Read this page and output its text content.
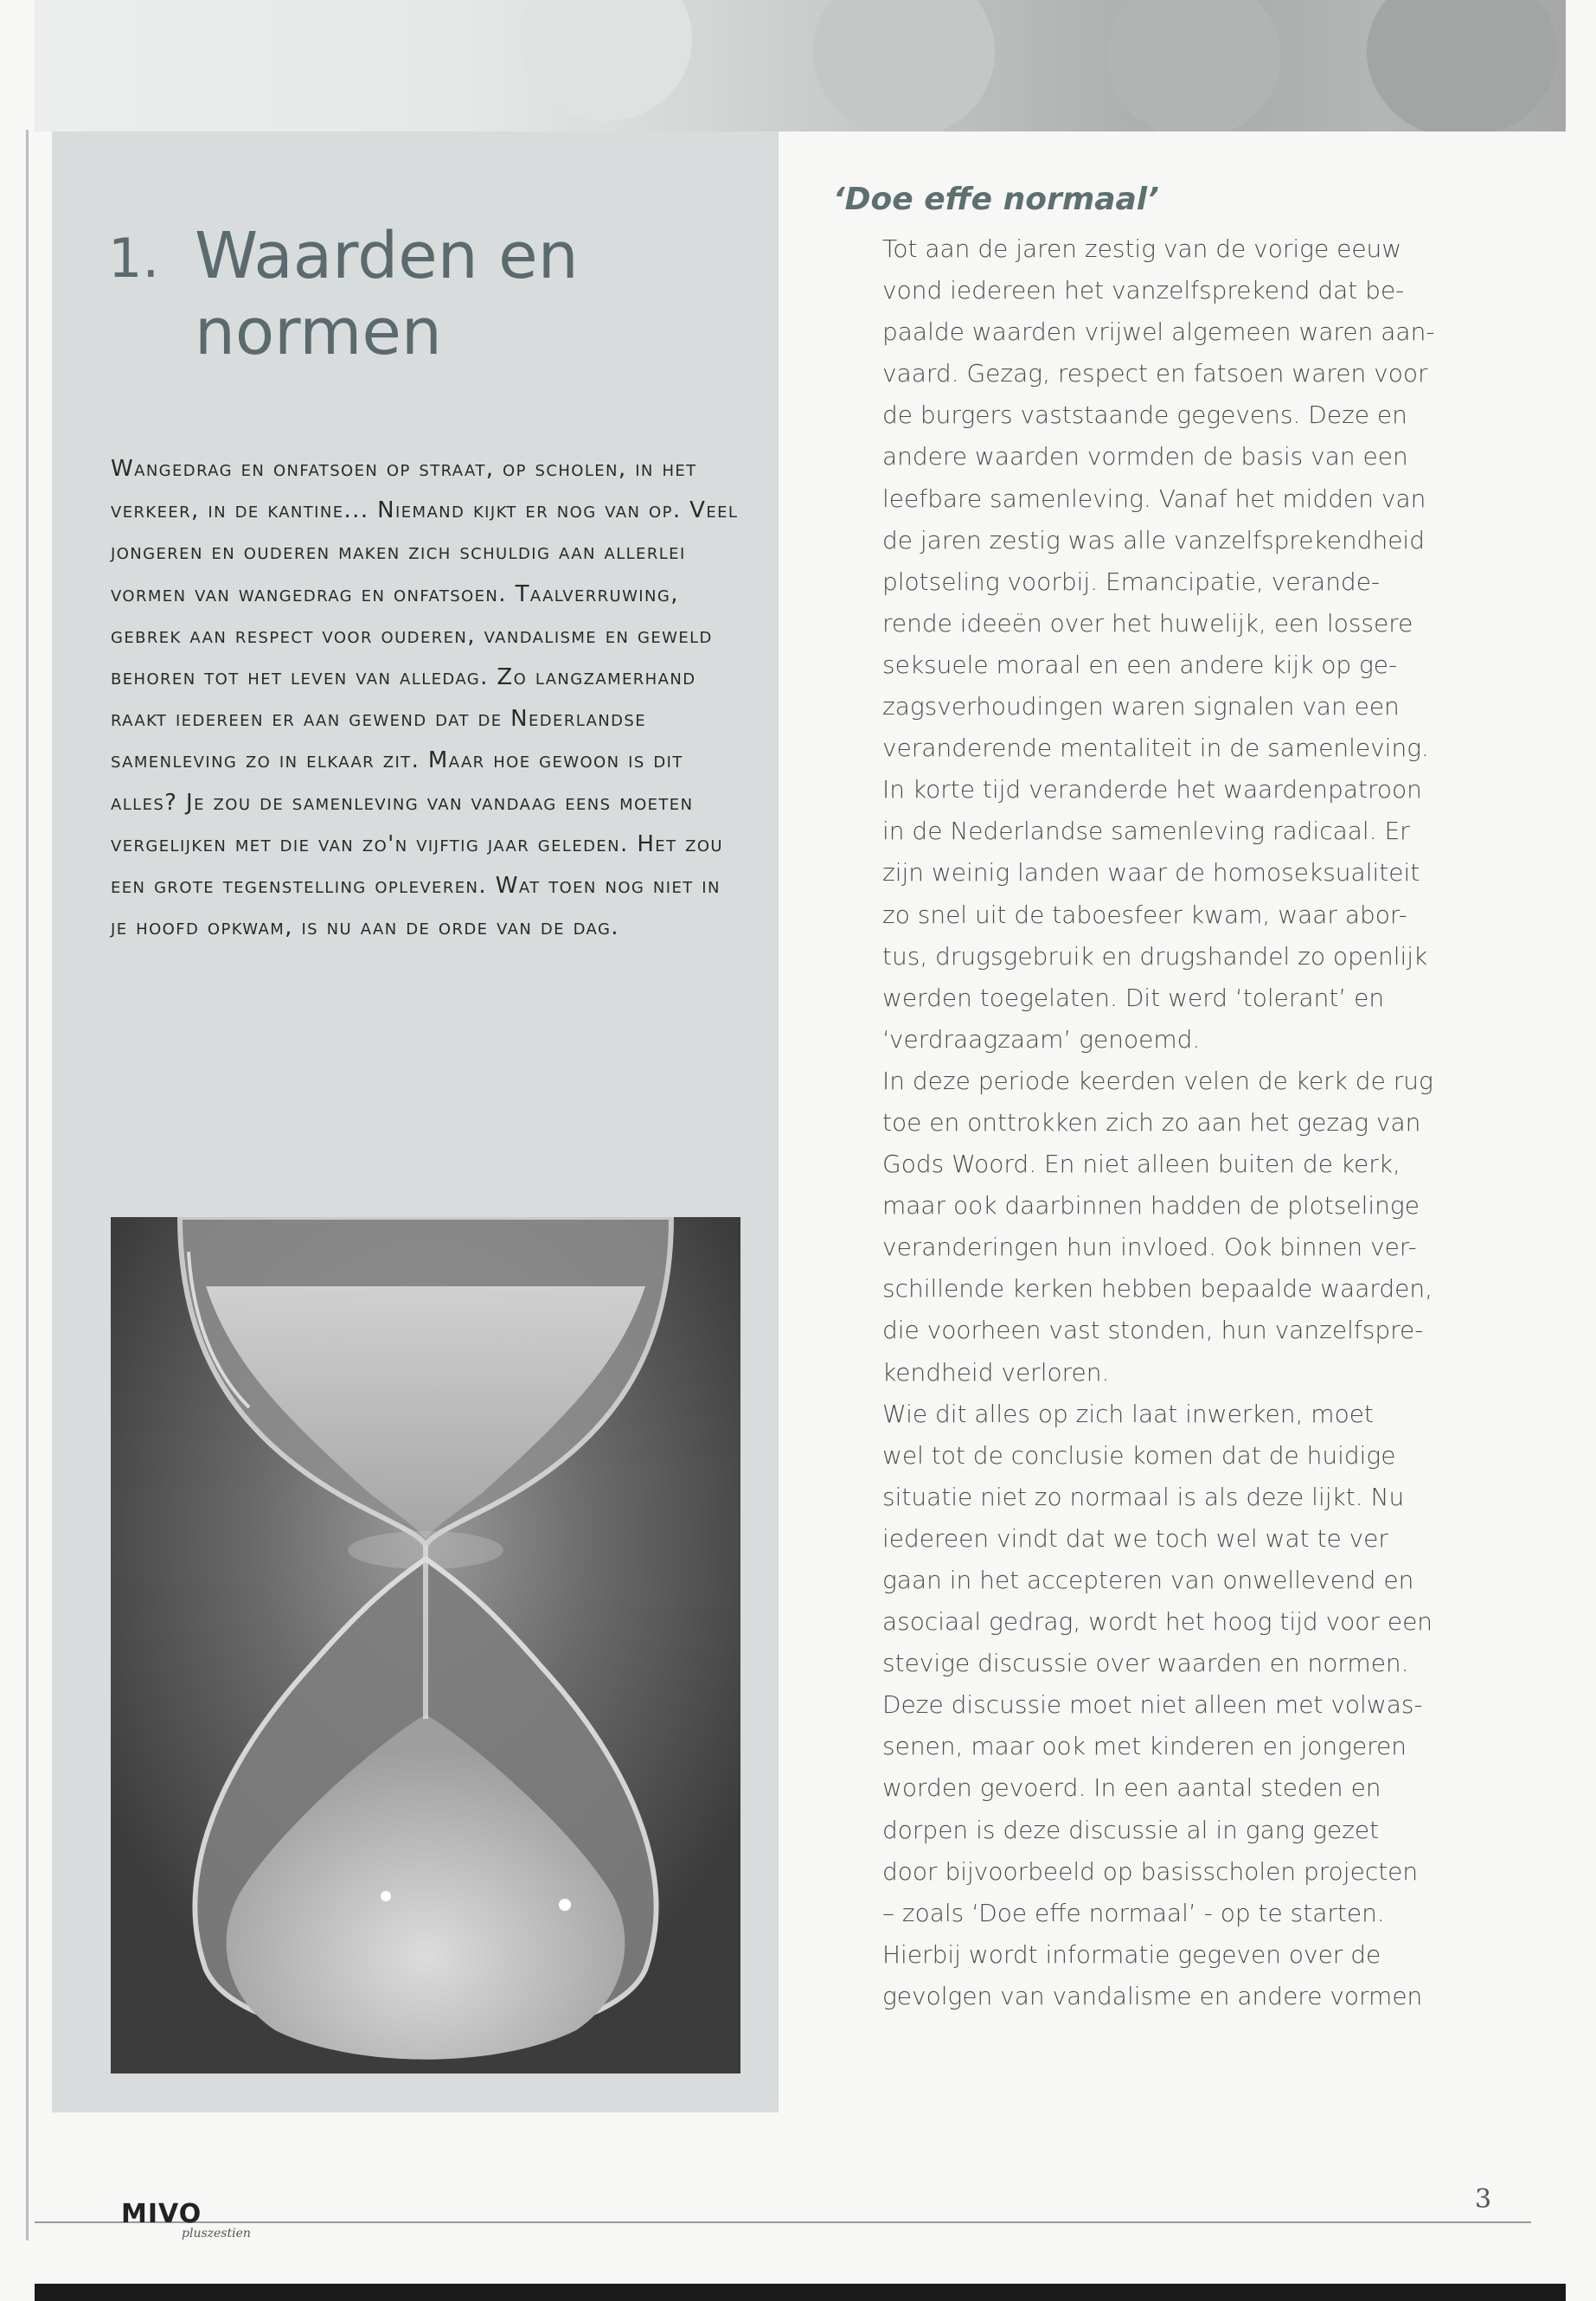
1. Waarden en
normen

Wangedrag en onfatsoen op straat, op scholen, in het verkeer, in de kantine... Niemand kijkt er nog van op. Veel jongeren en ouderen maken zich schuldig aan allerlei vormen van wangedrag en onfatsoen. Taalverruwing, gebrek aan respect voor ouderen, vandalisme en geweld behoren tot het leven van alledag. Zo langzamerhand raakt iedereen er aan gewend dat de Nederlandse samenleving zo in elkaar zit. Maar hoe gewoon is dit alles? Je zou de samenleving van vandaag eens moeten vergelijken met die van zo'n vijftig jaar geleden. Het zou een grote tegenstelling opleveren. Wat toen nog niet in je hoofd opkwam, is nu aan de orde van de dag.

‘Doe effe normaal’

Tot aan de jaren zestig van de vorige eeuw
vond iedereen het vanzelfsprekend dat be-
paalde waarden vrijwel algemeen waren aan-
vaard. Gezag, respect en fatsoen waren voor
de burgers vaststaande gegevens. Deze en
andere waarden vormden de basis van een
leefbare samenleving. Vanaf het midden van
de jaren zestig was alle vanzelfsprekendheid
plotseling voorbij. Emancipatie, verande-
rende ideeën over het huwelijk, een lossere
seksuele moraal en een andere kijk op ge-
zagsverhoudingen waren signalen van een
veranderende mentaliteit in de samenleving.
In korte tijd veranderde het waardenpatroon
in de Nederlandse samenleving radicaal. Er
zijn weinig landen waar de homoseksualiteit
zo snel uit de taboesfeer kwam, waar abor-
tus, drugsgebruik en drugshandel zo openlijk
werden toegelaten. Dit werd ‘tolerant’ en
‘verdraagzaam’ genoemd.
In deze periode keerden velen de kerk de rug
toe en onttrokken zich zo aan het gezag van
Gods Woord. En niet alleen buiten de kerk,
maar ook daarbinnen hadden de plotselinge
veranderingen hun invloed. Ook binnen ver-
schillende kerken hebben bepaalde waarden,
die voorheen vast stonden, hun vanzelfspre-
kendheid verloren.
Wie dit alles op zich laat inwerken, moet
wel tot de conclusie komen dat de huidige
situatie niet zo normaal is als deze lijkt. Nu
iedereen vindt dat we toch wel wat te ver
gaan in het accepteren van onwellevend en
asociaal gedrag, wordt het hoog tijd voor een
stevige discussie over waarden en normen.
Deze discussie moet niet alleen met volwas-
senen, maar ook met kinderen en jongeren
worden gevoerd. In een aantal steden en
dorpen is deze discussie al in gang gezet
door bijvoorbeeld op basisscholen projecten
– zoals ‘Doe effe normaal’ - op te starten.
Hierbij wordt informatie gegeven over de
gevolgen van vandalisme en andere vormen

MIVO
pluszestien
3
